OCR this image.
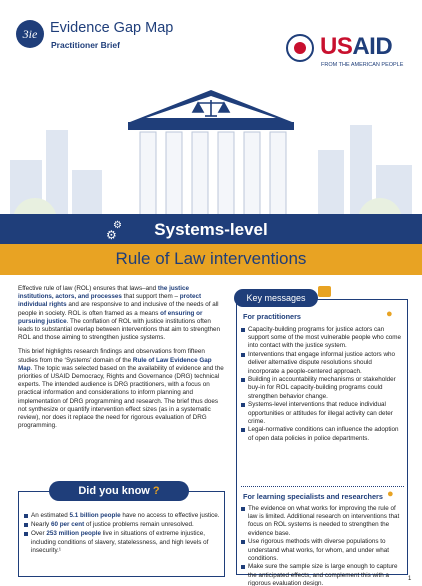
3ie Evidence Gap Map
Practitioner Brief	USAID
FROM THE AMERICAN PEOPLE
⚙
⚙	Systems-level
Rule of Law interventions

Effective rule of law (ROL) ensures that laws–and the justice institutions, actors, and processes that support them – protect individual rights and are responsive to and inclusive of the needs of all people in society. ROL is often framed as a means of ensuring or pursuing justice. The conflation of ROL with justice institutions often leads to substantial overlap between interventions that aim to strengthen ROL and those aiming to strengthen justice systems.

This brief highlights research findings and observations from fifteen studies from the ‘Systems’ domain of the Rule of Law Evidence Gap Map. The topic was selected based on the availability of evidence and the priorities of USAID Democracy, Rights and Governance (DRG) technical experts. The intended audience is DRG practitioners, with a focus on practical information and considerations to inform planning and implementation of DRG programming and research. The brief thus does not synthesize or quantify intervention effect sizes (as in a systematic review), nor does it replace the need for rigorous evaluation of DRG programming.

Did you know ?
An estimated 5.1 billion people have no access to effective justice.
Nearly 60 per cent of justice problems remain unresolved.
Over 253 million people live in situations of extreme injustice, including conditions of slavery, statelessness, and high levels of insecurity.¹
Key messages
For practitioners	●
Capacity-building programs for justice actors can support some of the most vulnerable people who come into contact with the justice system.
Interventions that engage informal justice actors who deliver alternative dispute resolutions should incorporate a people-centered approach.
Building in accountability mechanisms or stakeholder buy-in for ROL capacity-building programs could strengthen behavior change.
Systems-level interventions that reduce individual opportunities or attitudes for illegal activity can deter crime.
Legal-normative conditions can influence the adoption of open data policies in police departments.
For learning specialists and researchers ●
The evidence on what works for improving the rule of law is limited. Additional research on interventions that focus on ROL systems is needed to strengthen the evidence base.
Use rigorous methods with diverse populations to understand what works, for whom, and under what conditions.
Make sure the sample size is large enough to capture the anticipated effects, and complement this with a rigorous evaluation design.
1
